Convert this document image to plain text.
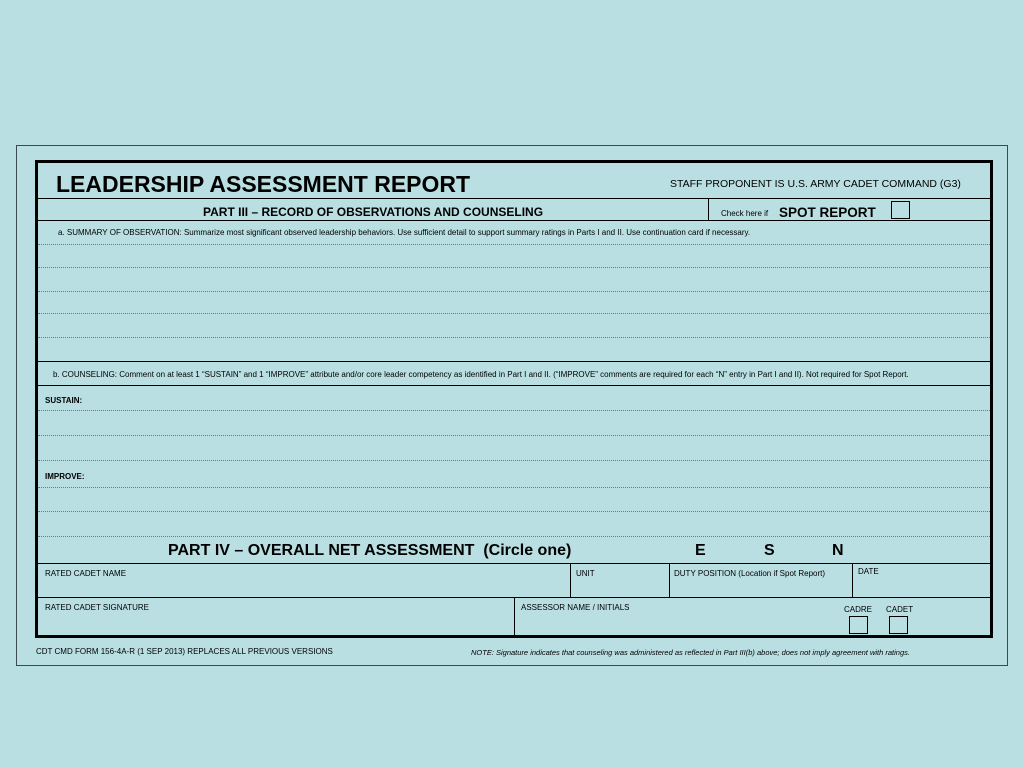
LEADERSHIP ASSESSMENT REPORT	STAFF PROPONENT IS U.S. ARMY CADET COMMAND (G3)
PART III – RECORD OF OBSERVATIONS AND COUNSELING	Check here if SPOT REPORT
a. SUMMARY OF OBSERVATION: Summarize most significant observed leadership behaviors. Use sufficient detail to support summary ratings in Parts I and II. Use continuation card if necessary.
b. COUNSELING: Comment on at least 1 “SUSTAIN” and 1 “IMPROVE” attribute and/or core leader competency as identified in Part I and II. (“IMPROVE” comments are required for each “N” entry in Part I and II). Not required for Spot Report.
SUSTAIN:
IMPROVE:
PART IV – OVERALL NET ASSESSMENT (Circle one)	E	S	N
RATED CADET NAME	UNIT	DUTY POSITION (Location if Spot Report)	DATE
RATED CADET SIGNATURE	ASSESSOR NAME / INITIALS	CADRE CADET
CDT CMD FORM 156-4A-R (1 SEP 2013) REPLACES ALL PREVIOUS VERSIONS	NOTE: Signature indicates that counseling was administered as reflected in Part III(b) above; does not imply agreement with ratings.
